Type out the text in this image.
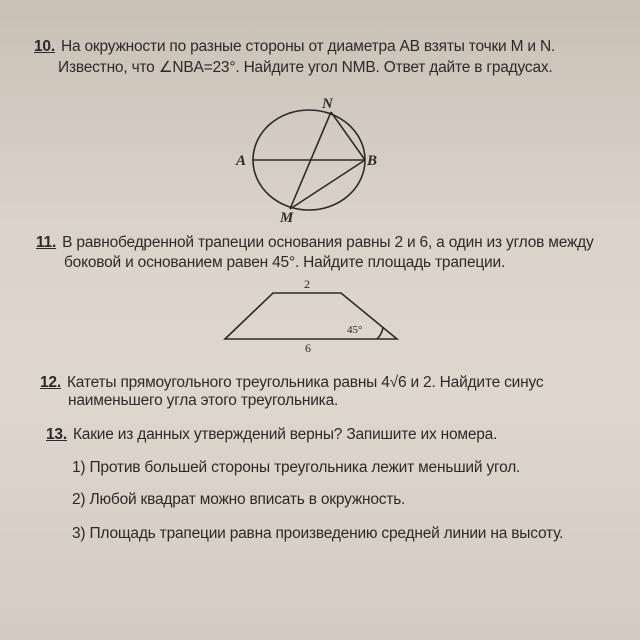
10. На окружности по разные стороны от диаметра AB взяты точки M и N.
Известно, что ∠NBA=23°. Найдите угол NMB. Ответ дайте в градусах.
N
A	B
M
2
6
45°
11. В равнобедренной трапеции основания равны 2 и 6, а один из углов между
боковой и основанием равен 45°. Найдите площадь трапеции.
12. Катеты прямоугольного треугольника равны 4√6 и 2. Найдите синус
наименьшего угла этого треугольника.
13. Какие из данных утверждений верны? Запишите их номера.
1) Против большей стороны треугольника лежит меньший угол.
2) Любой квадрат можно вписать в окружность.
3) Площадь трапеции равна произведению средней линии на высоту.
